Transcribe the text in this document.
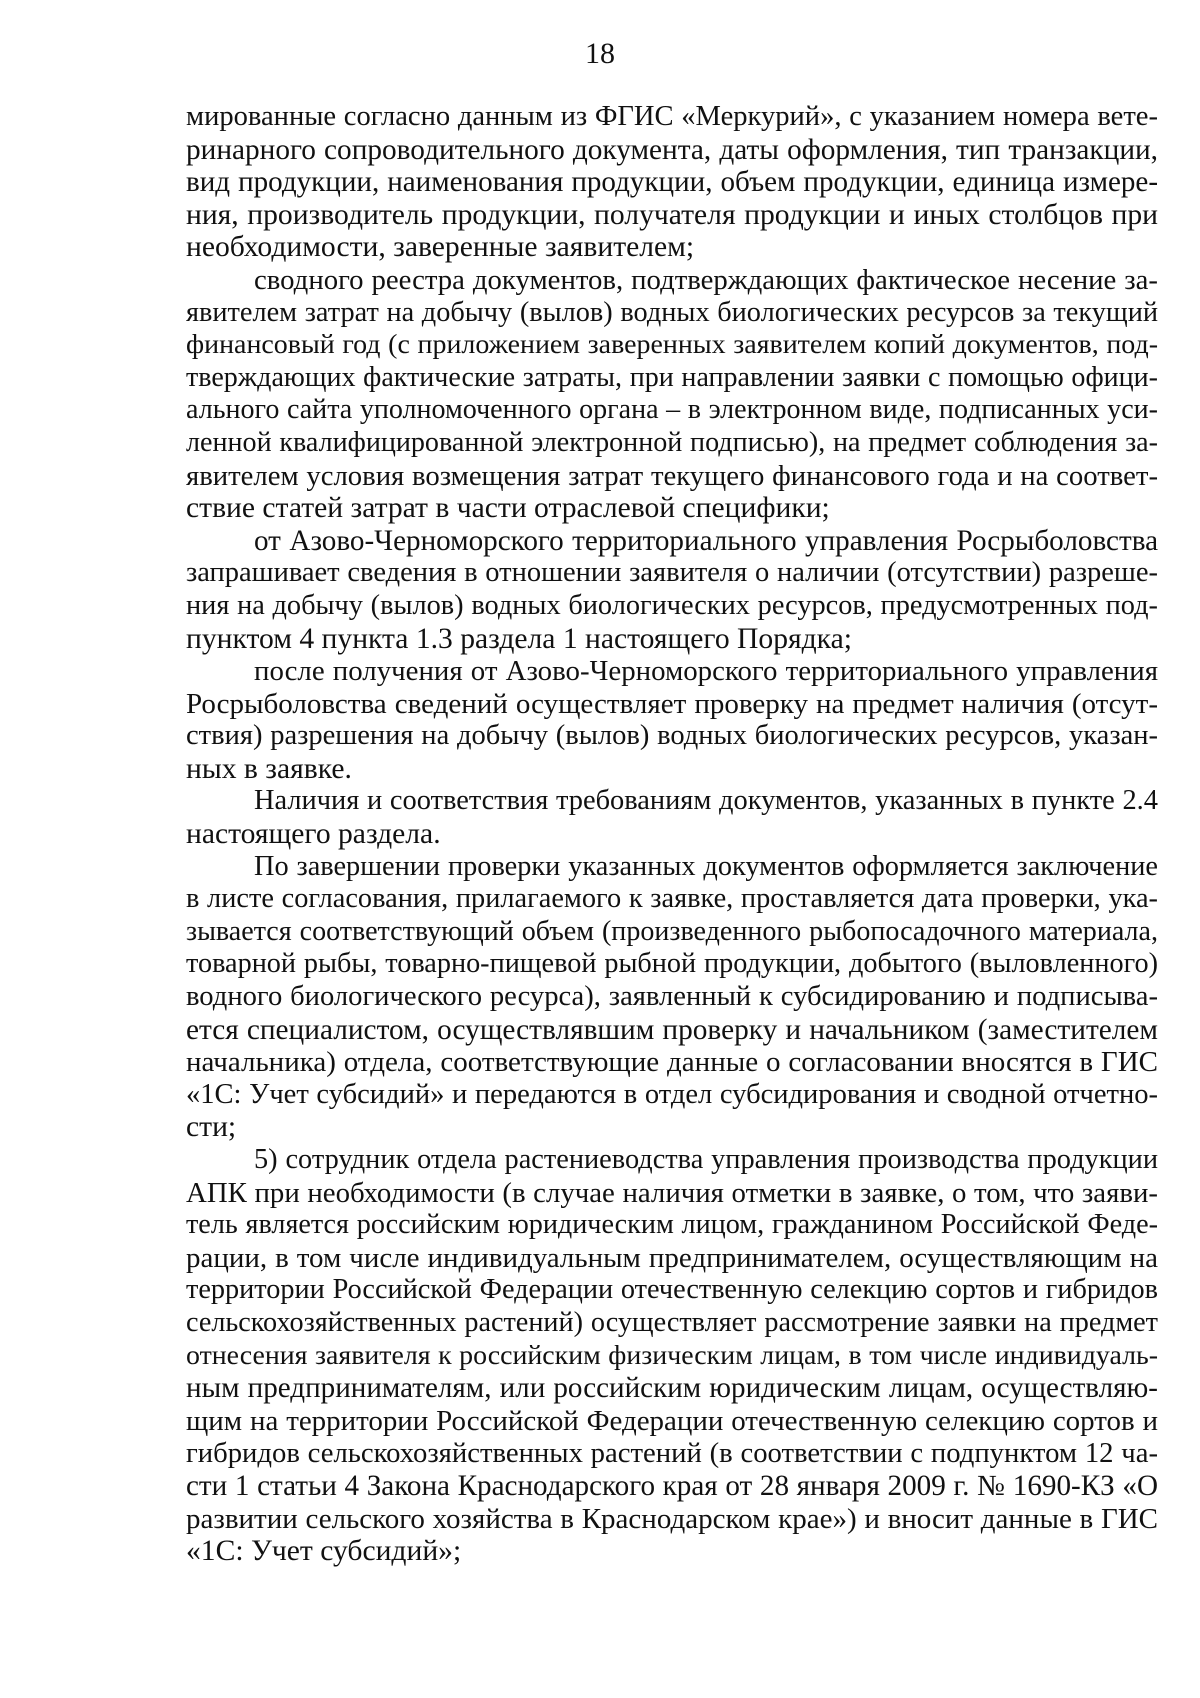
18
мированные согласно данным из ФГИС «Меркурий», с указанием номера вете-
ринарного сопроводительного документа, даты оформления, тип транзакции,
вид продукции, наименования продукции, объем продукции, единица измере-
ния, производитель продукции, получателя продукции и иных столбцов при
необходимости, заверенные заявителем;
сводного реестра документов, подтверждающих фактическое несение за-
явителем затрат на добычу (вылов) водных биологических ресурсов за текущий
финансовый год (с приложением заверенных заявителем копий документов, под-
тверждающих фактические затраты, при направлении заявки с помощью офици-
ального сайта уполномоченного органа – в электронном виде, подписанных уси-
ленной квалифицированной электронной подписью), на предмет соблюдения за-
явителем условия возмещения затрат текущего финансового года и на соответ-
ствие статей затрат в части отраслевой специфики;
от Азово-Черноморского территориального управления Росрыболовства
запрашивает сведения в отношении заявителя о наличии (отсутствии) разреше-
ния на добычу (вылов) водных биологических ресурсов, предусмотренных под-
пунктом 4 пункта 1.3 раздела 1 настоящего Порядка;
после получения от Азово-Черноморского территориального управления
Росрыболовства сведений осуществляет проверку на предмет наличия (отсут-
ствия) разрешения на добычу (вылов) водных биологических ресурсов, указан-
ных в заявке.
Наличия и соответствия требованиям документов, указанных в пункте 2.4
настоящего раздела.
По завершении проверки указанных документов оформляется заключение
в листе согласования, прилагаемого к заявке, проставляется дата проверки, ука-
зывается соответствующий объем (произведенного рыбопосадочного материала,
товарной рыбы, товарно-пищевой рыбной продукции, добытого (выловленного)
водного биологического ресурса), заявленный к субсидированию и подписыва-
ется специалистом, осуществлявшим проверку и начальником (заместителем
начальника) отдела, соответствующие данные о согласовании вносятся в ГИС
«1С: Учет субсидий» и передаются в отдел субсидирования и сводной отчетно-
сти;
5) сотрудник отдела растениеводства управления производства продукции
АПК при необходимости (в случае наличия отметки в заявке, о том, что заяви-
тель является российским юридическим лицом, гражданином Российской Феде-
рации, в том числе индивидуальным предпринимателем, осуществляющим на
территории Российской Федерации отечественную селекцию сортов и гибридов
сельскохозяйственных растений) осуществляет рассмотрение заявки на предмет
отнесения заявителя к российским физическим лицам, в том числе индивидуаль-
ным предпринимателям, или российским юридическим лицам, осуществляю-
щим на территории Российской Федерации отечественную селекцию сортов и
гибридов сельскохозяйственных растений (в соответствии с подпунктом 12 ча-
сти 1 статьи 4 Закона Краснодарского края от 28 января 2009 г. № 1690-КЗ «О
развитии сельского хозяйства в Краснодарском крае») и вносит данные в ГИС
«1С: Учет субсидий»;
